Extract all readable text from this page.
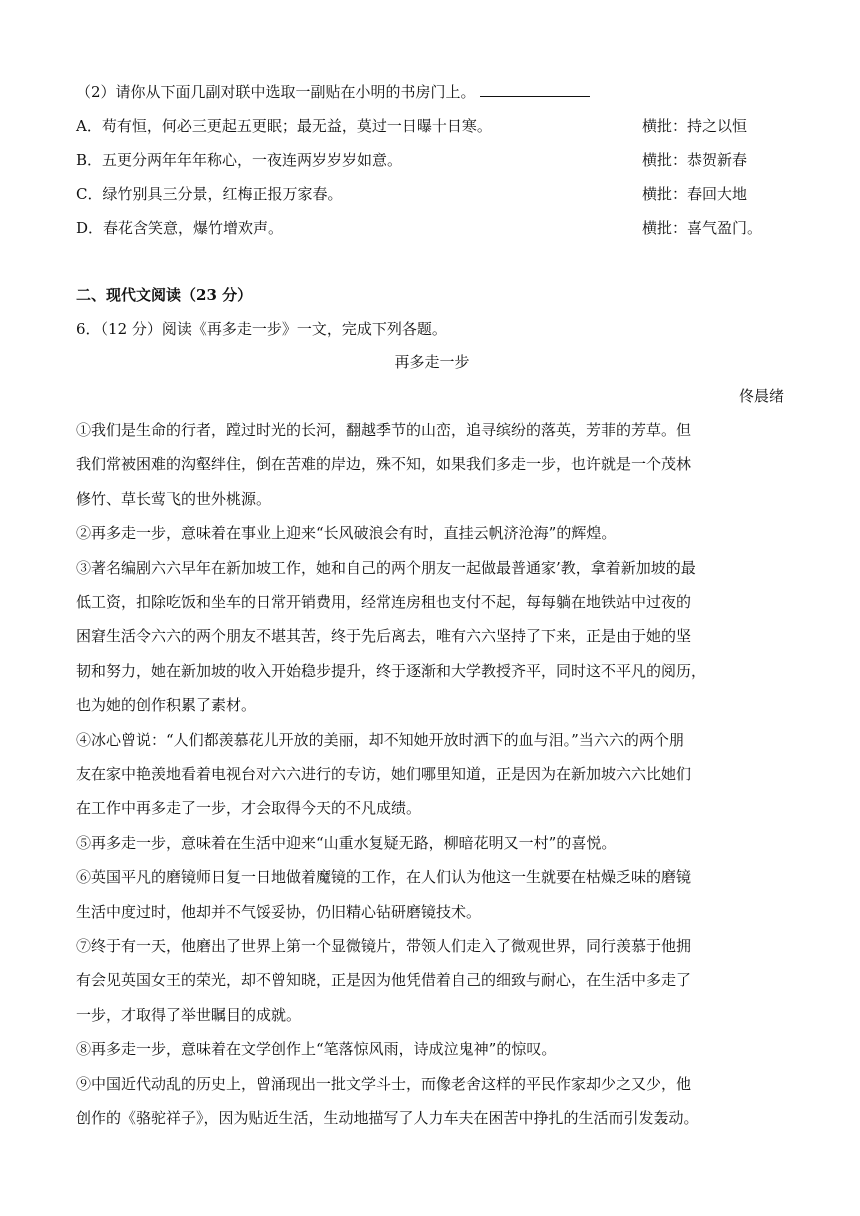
（2）请你从下面几副对联中选取一副贴在小明的书房门上。
A．苟有恒，何必三更起五更眠；最无益，莫过一日曝十日寒。	横批：持之以恒
B．五更分两年年年称心，一夜连两岁岁岁如意。	横批：恭贺新春
C．绿竹别具三分景，红梅正报万家春。	横批：春回大地
D．春花含笑意，爆竹增欢声。	横批：喜气盈门。
二、现代文阅读（23 分）
6．（12 分）阅读《再多走一步》一文，完成下列各题。
再多走一步
佟晨绪
①我们是生命的行者，蹚过时光的长河，翻越季节的山峦，追寻缤纷的落英，芳菲的芳草。但
我们常被困难的沟壑绊住，倒在苦难的岸边，殊不知，如果我们多走一步，也许就是一个茂林
修竹、草长莺飞的世外桃源。
②再多走一步，意味着在事业上迎来“长风破浪会有时，直挂云帆济沧海”的辉煌。
③著名编剧六六早年在新加坡工作，她和自己的两个朋友一起做最普通家’教，拿着新加坡的最
低工资，扣除吃饭和坐车的日常开销费用，经常连房租也支付不起，每每躺在地铁站中过夜的
困窘生活令六六的两个朋友不堪其苦，终于先后离去，唯有六六坚持了下来，正是由于她的坚
韧和努力，她在新加坡的收入开始稳步提升，终于逐渐和大学教授齐平，同时这不平凡的阅历，
也为她的创作积累了素材。
④冰心曾说：“人们都羡慕花儿开放的美丽，却不知她开放时洒下的血与泪。”当六六的两个朋
友在家中艳羡地看着电视台对六六进行的专访，她们哪里知道，正是因为在新加坡六六比她们
在工作中再多走了一步，才会取得今天的不凡成绩。
⑤再多走一步，意味着在生活中迎来“山重水复疑无路，柳暗花明又一村”的喜悦。
⑥英国平凡的磨镜师日复一日地做着魔镜的工作，在人们认为他这一生就要在枯燥乏味的磨镜
生活中度过时，他却并不气馁妥协，仍旧精心钻研磨镜技术。
⑦终于有一天，他磨出了世界上第一个显微镜片，带领人们走入了微观世界，同行羡慕于他拥
有会见英国女王的荣光，却不曾知晓，正是因为他凭借着自己的细致与耐心，在生活中多走了
一步，才取得了举世瞩目的成就。
⑧再多走一步，意味着在文学创作上“笔落惊风雨，诗成泣鬼神”的惊叹。
⑨中国近代动乱的历史上，曾涌现出一批文学斗士，而像老舍这样的平民作家却少之又少，他
创作的《骆驼祥子》，因为贴近生活，生动地描写了人力车夫在困苦中挣扎的生活而引发轰动。
